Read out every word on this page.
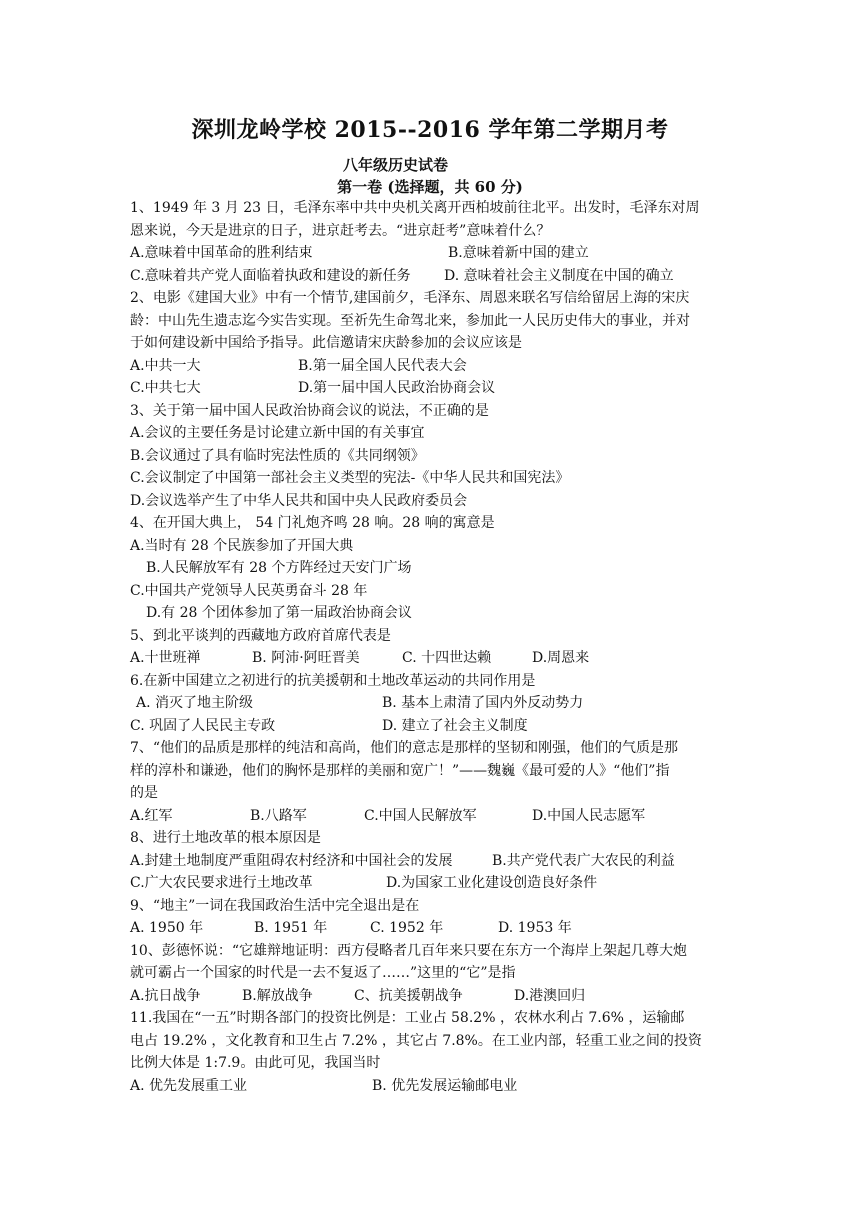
深圳龙岭学校 2015--2016 学年第二学期月考
八年级历史试卷
第一卷 (选择题，共 60 分)
1、1949 年 3 月 23 日，毛泽东率中共中央机关离开西柏坡前往北平。出发时，毛泽东对周
恩来说，今天是进京的日子，进京赶考去。“进京赶考”意味着什么？
A.意味着中国革命的胜利结束	B.意味着新中国的建立
C.意味着共产党人面临着执政和建设的新任务 D. 意味着社会主义制度在中国的确立
2、电影《建国大业》中有一个情节,建国前夕，毛泽东、周恩来联名写信给留居上海的宋庆
龄：中山先生遗志迄今实告实现。至祈先生命驾北来，参加此一人民历史伟大的事业，并对
于如何建设新中国给予指导。此信邀请宋庆龄参加的会议应该是
A.中共一大	B.第一届全国人民代表大会
C.中共七大	D.第一届中国人民政治协商会议
3、关于第一届中国人民政治协商会议的说法，不正确的是
A.会议的主要任务是讨论建立新中国的有关事宜
B.会议通过了具有临时宪法性质的《共同纲领》
C.会议制定了中国第一部社会主义类型的宪法-《中华人民共和国宪法》
D.会议选举产生了中华人民共和国中央人民政府委员会
4、在开国大典上， 54 门礼炮齐鸣 28 响。28 响的寓意是
A.当时有 28 个民族参加了开国大典
B.人民解放军有 28 个方阵经过天安门广场
C.中国共产党领导人民英勇奋斗 28 年
D.有 28 个团体参加了第一届政治协商会议
5、到北平谈判的西藏地方政府首席代表是
A.十世班禅	B. 阿沛·阿旺晋美	C. 十四世达赖	D.周恩来
6.在新中国建立之初进行的抗美援朝和土地改革运动的共同作用是
A. 消灭了地主阶级	B. 基本上肃清了国内外反动势力
C. 巩固了人民民主专政	D. 建立了社会主义制度
7、“他们的品质是那样的纯洁和高尚，他们的意志是那样的坚韧和刚强，他们的气质是那
样的淳朴和谦逊，他们的胸怀是那样的美丽和宽广！”——魏巍《最可爱的人》“他们”指
的是
A.红军	B.八路军	C.中国人民解放军	D.中国人民志愿军
8、进行土地改革的根本原因是
A.封建土地制度严重阻碍农村经济和中国社会的发展	B.共产党代表广大农民的利益
C.广大农民要求进行土地改革	D.为国家工业化建设创造良好条件
9、“地主”一词在我国政治生活中完全退出是在
A. 1950 年	B. 1951 年	C. 1952 年	D. 1953 年
10、彭德怀说：“它雄辩地证明：西方侵略者几百年来只要在东方一个海岸上架起几尊大炮
就可霸占一个国家的时代是一去不复返了……”这里的“它”是指
A.抗日战争	B.解放战争	C、抗美援朝战争	D.港澳回归
11.我国在“一五”时期各部门的投资比例是：工业占 58.2% ，农林水利占 7.6% ，运输邮
电占 19.2% ，文化教育和卫生占 7.2% ，其它占 7.8%。在工业内部，轻重工业之间的投资
比例大体是 1:7.9。由此可见，我国当时
A. 优先发展重工业	B. 优先发展运输邮电业
